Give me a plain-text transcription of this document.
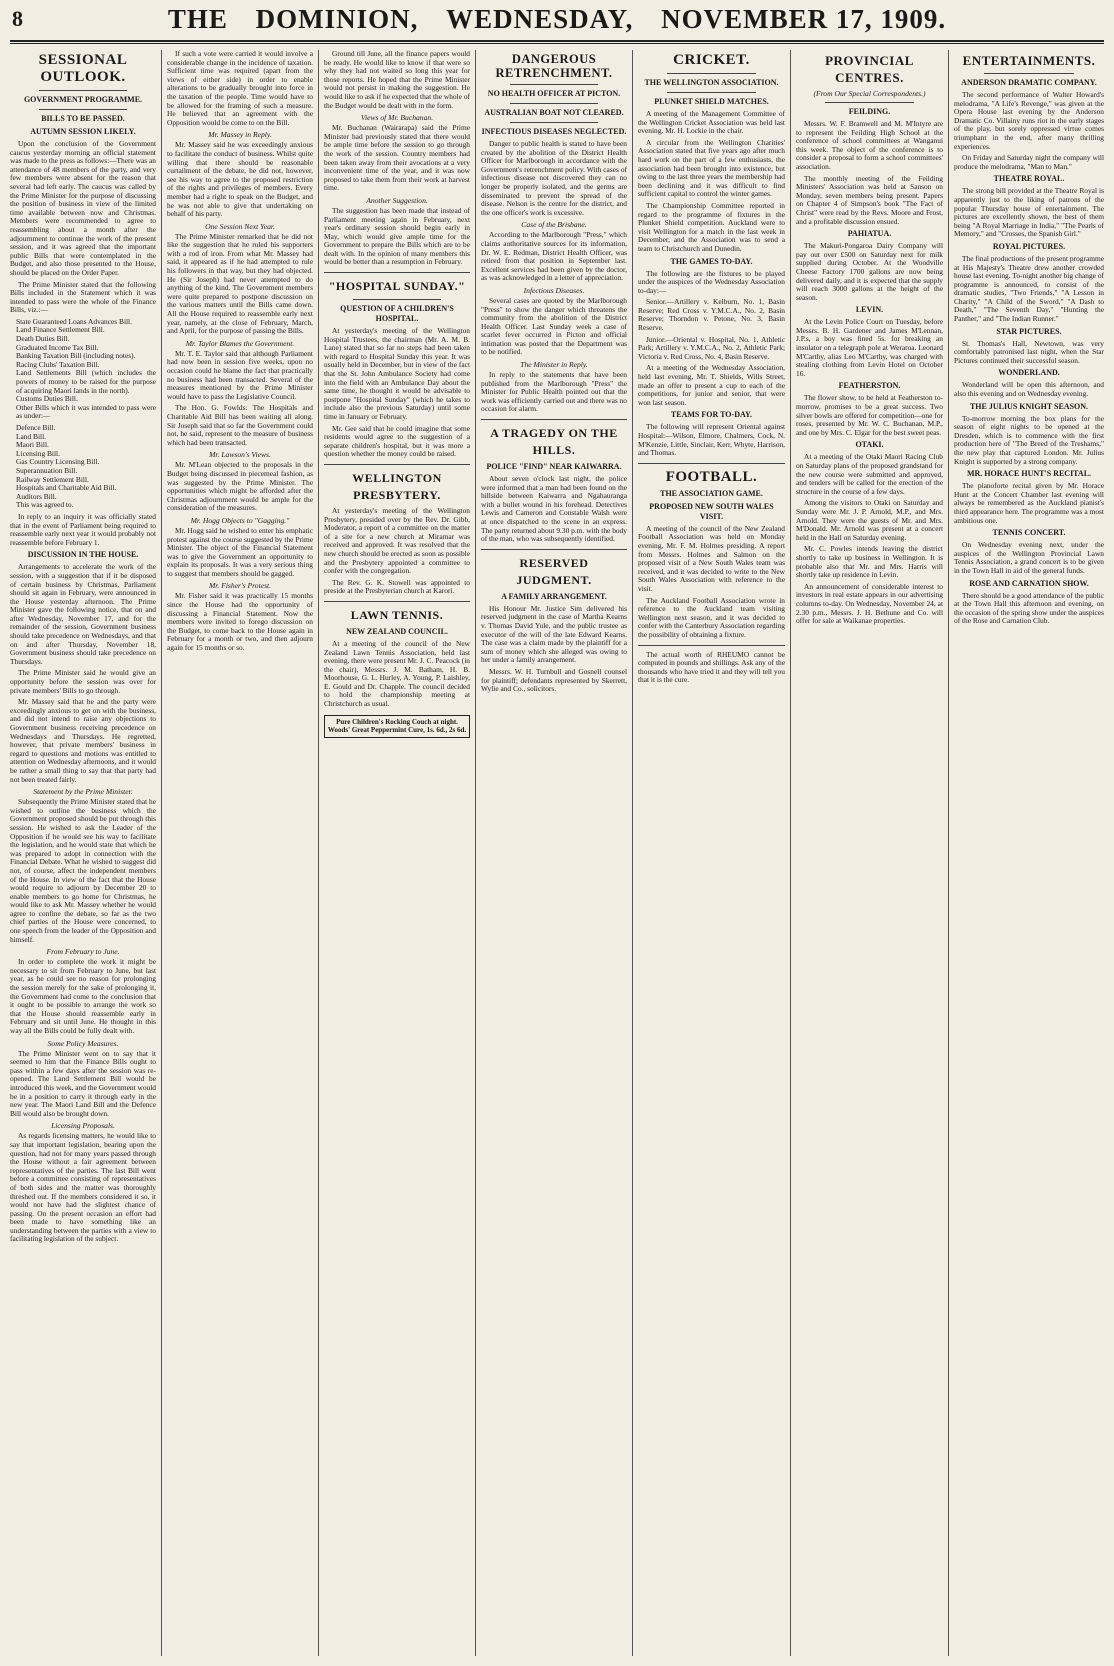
8	THE DOMINION, WEDNESDAY, NOVEMBER 17, 1909.
SESSIONAL OUTLOOK.
GOVERNMENT PROGRAMME.
BILLS TO BE PASSED.
AUTUMN SESSION LIKELY.

Upon the conclusion of the Government caucus yesterday morning an official statement was made to the press as follows:—There was an attendance of 48 members of the party, and very few members were absent for the reason that several had left early. The caucus was called by the Prime Minister for the purpose of discussing the position of business in view of the limited time available between now and Christmas. Members were recommended to agree to reassembling about a month after the adjournment to continue the work of the present session, and it was agreed that the important public Bills that were contemplated in the Budget, and also those presented to the House, should be placed on the Order Paper.

The Prime Minister stated that the following Bills included in the Statement which it was intended to pass were the whole of the Finance Bills, viz.:—

State Guaranteed Loans Advances Bill.
Land Finance Settlement Bill.
Death Duties Bill.
Graduated Income Tax Bill.
Banking Taxation Bill (including notes).
Racing Clubs' Taxation Bill.
Land Settlements Bill (which includes the powers of money to be raised for the purpose of acquiring Maori lands in the north).
Customs Duties Bill.
Other Bills which it was intended to pass were as under:—
Defence Bill.
Land Bill.
Maori Bill.
Licensing Bill.
Gas Country Licensing Bill.
Superannuation Bill.
Railway Settlement Bill.
Hospitals and Charitable Aid Bill.
Auditors Bill.
This was agreed to.

In reply to an inquiry it was officially stated that in the event of Parliament being required to reassemble early next year it would probably not reassemble before February 1.

DISCUSSION IN THE HOUSE.

Arrangements to accelerate the work of the session, with a suggestion that if it be disposed of certain business by Christmas, Parliament should sit again in February, were announced in the House yesterday afternoon. The Prime Minister gave the following notice, that on and after Wednesday, November 17, and for the remainder of the session, Government business should take precedence on Wednesdays, and that on and after Thursday, November 18, Government business should take precedence on Thursdays.

The Prime Minister said he would give an opportunity before the session was over for private members' Bills to go through.

Mr. Massey said that he and the party were exceedingly anxious to get on with the business, and did not intend to raise any objections to Government business receiving precedence on Wednesdays and Thursdays. He regretted, however, that private members' business in regard to questions and motions was entitled to attention on Wednesday afternoons, and it would be rather a small thing to say that that party had not been treated fairly.

Statement by the Prime Minister.

Subsequently the Prime Minister stated that he wished to outline the business which the Government proposed should be put through this session. He wished to ask the Leader of the Opposition if he would see his way to facilitate the legislation, and he would state that which he was prepared to adopt in connection with the Financial Debate. What he wished to suggest did not, of course, affect the independent members of the House. In view of the fact that the House would require to adjourn by December 20 to enable members to go home for Christmas, he would like to ask Mr. Massey whether he would agree to confine the debate, so far as the two chief parties of the House were concerned, to one speech from the leader of the Opposition and himself.

From February to June.

In order to complete the work it might be necessary to sit from February to June, but last year, as he could see no reason for prolonging the session merely for the sake of prolonging it, the Government had come to the conclusion that it ought to be possible to arrange the work so that the House should reassemble early in February and sit until June. He thought in this way all the Bills could be fully dealt with.

Some Policy Measures.

The Prime Minister went on to say that it seemed to him that the Finance Bills ought to pass within a few days after the session was re-opened. The Land Settlement Bill would be introduced this week, and the Government would be in a position to carry it through early in the new year. The Maori Land Bill and the Defence Bill would also be brought down.

Licensing Proposals.

As regards licensing matters, he would like to say that important legislation, bearing upon the question, had not for many years passed through the House without a fair agreement between representatives of the parties. The last Bill went before a committee consisting of representatives of both sides and the matter was thoroughly threshed out. If the members considered it so, it would not have had the slightest chance of passing. On the present occasion an effort had been made to have something like an understanding between the parties with a view to facilitating legislation of the subject.

If such a vote were carried it would involve a considerable change in the incidence of taxation. Sufficient time was required (apart from the views of either side) in order to enable alterations to be gradually brought into force in the taxation of the people. Time would have to be allowed for the framing of such a measure. He believed that an agreement with the Opposition would be come to on the Bill.

Mr. Massey in Reply.

Mr. Massey said he was exceedingly anxious to facilitate the conduct of business. Whilst quite willing that there should be reasonable curtailment of the debate, he did not, however, see his way to agree to the proposed restriction of the rights and privileges of members. Every member had a right to speak on the Budget, and he was not able to give that undertaking on behalf of his party.

One Session Next Year.

The Prime Minister remarked that he did not like the suggestion that he ruled his supporters with a rod of iron. From what Mr. Massey had said, it appeared as if he had attempted to rule his followers in that way, but they had objected. He (Sir Joseph) had never attempted to do anything of the kind. The Government members were quite prepared to postpone discussion on the various matters until the Bills came down. All the House required to reassemble early next year, namely, at the close of February, March, and April, for the purpose of passing the Bills.

Mr. Taylor Blames the Government.

Mr. T. E. Taylor said that although Parliament had now been in session five weeks, upon no occasion could he blame the fact that practically no business had been transacted. Several of the measures mentioned by the Prime Minister would have to pass the Legislative Council.

The Hon. G. Fowlds: The Hospitals and Charitable Aid Bill has been waiting all along. Sir Joseph said that so far the Government could not, he said, represent to the measure of business which had been transacted.

Mr. Lawson's Views.

Mr. M'Lean objected to the proposals in the Budget being discussed in piecemeal fashion, as was suggested by the Prime Minister. The opportunities which might be afforded after the Christmas adjournment would be ample for the consideration of the measures.

Mr. Hogg Objects to "Gagging."

Mr. Hogg said he wished to enter his emphatic protest against the course suggested by the Prime Minister. The object of the Financial Statement was to give the Government an opportunity to explain its proposals. It was a very serious thing to suggest that members should be gagged.

Mr. Fisher's Protest.

Mr. Fisher said it was practically 15 months since the House had the opportunity of discussing a Financial Statement. Now the members were invited to forego discussion on the Budget, to come back to the House again in February for a month or two, and then adjourn again for 15 months or so.

Ground till June, all the finance papers would be ready. He would like to know if that were so why they had not waited so long this year for those reports. He hoped that the Prime Minister would not persist in making the suggestion. He would like to ask if he expected that the whole of the Budget would be dealt with in the form.

Views of Mr. Buchanan.

Mr. Buchanan (Wairarapa) said the Prime Minister had previously stated that there would be ample time before the session to go through the work of the session. Country members had been taken away from their avocations at a very inconvenient time of the year, and it was now proposed to take them from their work at harvest time.

Another Suggestion.

The suggestion has been made that instead of Parliament meeting again in February, next year's ordinary session should begin early in May, which would give ample time for the Government to prepare the Bills which are to be dealt with. In the opinion of many members this would be better than a resumption in February.

"HOSPITAL SUNDAY."
QUESTION OF A CHILDREN'S HOSPITAL.

At yesterday's meeting of the Wellington Hospital Trustees, the chairman (Mr. A. M. B. Lane) stated that so far no steps had been taken with regard to Hospital Sunday this year. It was usually held in December, but in view of the fact that the St. John Ambulance Society had come into the field with an Ambulance Day about the same time, he thought it would be advisable to postpone "Hospital Sunday" (which he takes to include also the previous Saturday) until some time in January or February.

Mr. Gee said that he could imagine that some residents would agree to the suggestion of a separate children's hospital, but it was more a question whether the money could be raised.

WELLINGTON PRESBYTERY.

At yesterday's meeting of the Wellington Presbytery, presided over by the Rev. Dr. Gibb, Moderator, a report of a committee on the matter of a site for a new church at Miramar was received and approved. It was resolved that the new church should be erected as soon as possible and the Presbytery appointed a committee to confer with the congregation.

The Rev. G. K. Stowell was appointed to preside at the Presbyterian church at Karori.

LAWN TENNIS.
NEW ZEALAND COUNCIL.

At a meeting of the council of the New Zealand Lawn Tennis Association, held last evening, there were present Mr. J. C. Peacock (in the chair), Messrs. J. M. Batham, H. B. Moorhouse, G. L. Hurley, A. Young, P. Laishley, E. Gould and Dr. Chapple. The council decided to hold the championship meeting at Christchurch as usual.

Pure Children's Rocking Couch at night. Woods' Great Peppermint Cure, 1s. 6d., 2s 6d.
DANGEROUS RETRENCHMENT.
NO HEALTH OFFICER AT PICTON.
AUSTRALIAN BOAT NOT CLEARED.
INFECTIOUS DISEASES NEGLECTED.

Danger to public health is stated to have been created by the abolition of the District Health Officer for Marlborough in accordance with the Government's retrenchment policy. With cases of infectious disease not discovered they can no longer be properly isolated, and the germs are disseminated to prevent the spread of the disease. Nelson is the centre for the district, and the one officer's work is excessive.

Case of the Brisbane.

According to the Marlborough "Press," which claims authoritative sources for its information, Dr. W. E. Redman, District Health Officer, was retired from that position in September last. Excellent services had been given by the doctor, as was acknowledged in a letter of appreciation.

Infectious Diseases.

Several cases are quoted by the Marlborough "Press" to show the danger which threatens the community from the abolition of the District Health Officer. Last Sunday week a case of scarlet fever occurred in Picton and official intimation was posted that the Department was to be notified.

The Minister in Reply.

In reply to the statements that have been published from the Marlborough "Press" the Minister for Public Health pointed out that the work was efficiently carried out and there was no occasion for alarm.

A TRAGEDY ON THE HILLS.
POLICE "FIND" NEAR KAIWARRA.

About seven o'clock last night, the police were informed that a man had been found on the hillside between Kaiwarra and Ngahauranga with a bullet wound in his forehead. Detectives Lewis and Cameron and Constable Walsh were at once dispatched to the scene in an express. The party returned about 9.30 p.m. with the body of the man, who was subsequently identified.

RESERVED JUDGMENT.
A FAMILY ARRANGEMENT.

His Honour Mr. Justice Sim delivered his reserved judgment in the case of Martha Kearns v. Thomas David Yule, and the public trustee as executor of the will of the late Edward Kearns. The case was a claim made by the plaintiff for a sum of money which she alleged was owing to her under a family arrangement.

Messrs. W. H. Turnbull and Gosnell counsel for plaintiff; defendants represented by Skerrett, Wylie and Co., solicitors.

CRICKET.
THE WELLINGTON ASSOCIATION.
PLUNKET SHIELD MATCHES.

A meeting of the Management Committee of the Wellington Cricket Association was held last evening, Mr. H. Lockie in the chair.

A circular from the Wellington Charities' Association stated that five years ago after much hard work on the part of a few enthusiasts, the association had been brought into existence, but owing to the last three years the membership had been declining and it was difficult to find sufficient capital to control the winter games.

The Championship Committee reported in regard to the programme of fixtures in the Plunket Shield competition. Auckland were to visit Wellington for a match in the last week in December, and the Association was to send a team to Christchurch and Dunedin.

THE GAMES TO-DAY.

The following are the fixtures to be played under the auspices of the Wednesday Association to-day:—

Senior.—Artillery v. Kelburn, No. 1, Basin Reserve; Red Cross v. Y.M.C.A., No. 2, Basin Reserve; Thorndon v. Petone, No. 3, Basin Reserve.

Junior.—Oriental v. Hospital, No. 1, Athletic Park; Artillery v. Y.M.C.A., No. 2, Athletic Park; Victoria v. Red Cross, No. 4, Basin Reserve.

At a meeting of the Wednesday Association, held last evening, Mr. T. Shields, Wills Street, made an offer to present a cup to each of the competitions, for junior and senior, that were won last season.

TEAMS FOR TO-DAY.

The following will represent Oriental against Hospital:—Wilson, Elmore, Chalmers, Cock, N. M'Kenzie, Little, Sinclair, Kerr, Whyte, Harrison, and Thomas.

FOOTBALL.
THE ASSOCIATION GAME.
PROPOSED NEW SOUTH WALES VISIT.

A meeting of the council of the New Zealand Football Association was held on Monday evening, Mr. F. M. Holmes presiding. A report from Messrs. Holmes and Salmon on the proposed visit of a New South Wales team was received, and it was decided to write to the New South Wales Association with reference to the visit.

The Auckland Football Association wrote in reference to the Auckland team visiting Wellington next season, and it was decided to confer with the Canterbury Association regarding the possibility of obtaining a fixture.

The actual worth of RHEUMO cannot be computed in pounds and shillings. Ask any of the thousands who have tried it and they will tell you that it is the cure.

PROVINCIAL CENTRES.
(From Our Special Correspondents.)
FEILDING.

Messrs. W. F. Bramwell and M. M'Intyre are to represent the Feilding High School at the conference of school committees at Wanganui this week. The object of the conference is to consider a proposal to form a school committees' association.

The monthly meeting of the Feilding Ministers' Association was held at Sanson on Monday, seven members being present. Papers on Chapter 4 of Simpson's book "The Fact of Christ" were read by the Revs. Moore and Frost, and a profitable discussion ensued.

PAHIATUA.

The Makuri-Pongaroa Dairy Company will pay out over £500 on Saturday next for milk supplied during October. At the Woodville Cheese Factory 1700 gallons are now being delivered daily, and it is expected that the supply will reach 3000 gallons at the height of the season.

LEVIN.

At the Levin Police Court on Tuesday, before Messrs. B. H. Gardener and James M'Lennan, J.P.s, a boy was fined 5s. for breaking an insulator on a telegraph pole at Weraroa. Leonard M'Carthy, alias Leo M'Carthy, was charged with stealing clothing from Levin Hotel on October 16.

FEATHERSTON.

The flower show, to be held at Featherston to-morrow, promises to be a great success. Two silver bowls are offered for competition—one for roses, presented by Mr. W. C. Buchanan, M.P., and one by Mrs. C. Elgar for the best sweet peas.

OTAKI.

At a meeting of the Otaki Maori Racing Club on Saturday plans of the proposed grandstand for the new course were submitted and approved, and tenders will be called for the erection of the structure in the course of a few days.

Among the visitors to Otaki on Saturday and Sunday were Mr. J. P. Arnold, M.P., and Mrs. Arnold. They were the guests of Mr. and Mrs. M'Donald. Mr. Arnold was present at a concert held in the Hall on Saturday evening.

Mr. C. Powles intends leaving the district shortly to take up business in Wellington. It is probable also that Mr. and Mrs. Harris will shortly take up residence in Levin.

An announcement of considerable interest to investors in real estate appears in our advertising columns to-day. On Wednesday, November 24, at 2.30 p.m., Messrs. J. H. Bethune and Co. will offer for sale at Waikanae properties.

ENTERTAINMENTS.
ANDERSON DRAMATIC COMPANY.

The second performance of Walter Howard's melodrama, "A Life's Revenge," was given at the Opera House last evening by the Anderson Dramatic Co. Villainy runs riot in the early stages of the play, but sorely oppressed virtue comes triumphant in the end, after many thrilling experiences.

On Friday and Saturday night the company will produce the melodrama, "Man to Man."

THEATRE ROYAL.

The strong bill provided at the Theatre Royal is apparently just to the liking of patrons of the popular Thursday house of entertainment. The pictures are excellently shown, the best of them being "A Royal Marriage in India," "The Pearls of Memory," and "Crosses, the Spanish Girl."

ROYAL PICTURES.

The final productions of the present programme at His Majesty's Theatre drew another crowded house last evening. To-night another big change of programme is announced, to consist of the dramatic studies, "Two Friends," "A Lesson in Charity," "A Child of the Sword," "A Dash to Death," "The Seventh Day," "Hunting the Panther," and "The Indian Runner."

STAR PICTURES.

St. Thomas's Hall, Newtown, was very comfortably patronised last night, when the Star Pictures continued their successful season.

WONDERLAND.

Wonderland will be open this afternoon, and also this evening and on Wednesday evening.

THE JULIUS KNIGHT SEASON.

To-morrow morning the box plans for the season of eight nights to be opened at the Dresden, which is to commence with the first production here of "The Breed of the Treshams," the new play that captured London. Mr. Julius Knight is supported by a strong company.

MR. HORACE HUNT'S RECITAL.

The pianoforte recital given by Mr. Horace Hunt at the Concert Chamber last evening will always be remembered as the Auckland pianist's third appearance here. The programme was a most ambitious one.

TENNIS CONCERT.

On Wednesday evening next, under the auspices of the Wellington Provincial Lawn Tennis Association, a grand concert is to be given in the Town Hall in aid of the general funds.

ROSE AND CARNATION SHOW.

There should be a good attendance of the public at the Town Hall this afternoon and evening, on the occasion of the spring show under the auspices of the Rose and Carnation Club.
